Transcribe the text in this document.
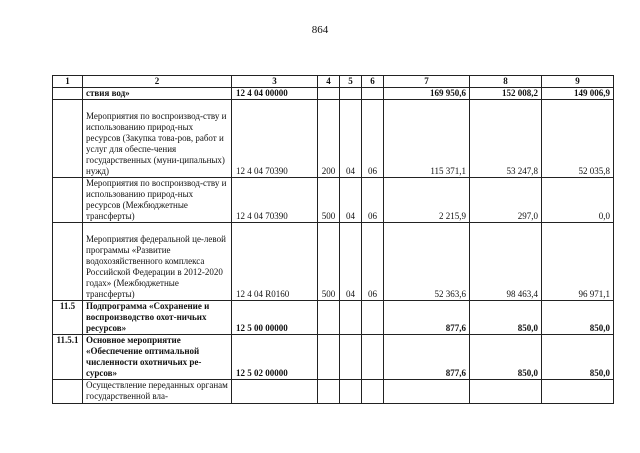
864
1	2	3	4	5	6	7	8	9
	ствия вод»	12 4 04 00000				169 950,6	152 008,2	149 006,9
	Мероприятия по воспроизвод-ству и использованию природ-ных ресурсов (Закупка това-ров, работ и услуг для обеспе-чения государственных (муни-ципальных) нужд)	12 4 04 70390	200	04	06	115 371,1	53 247,8	52 035,8
	Мероприятия по воспроизвод-ству и использованию природ-ных ресурсов (Межбюджетные трансферты)	12 4 04 70390	500	04	06	2 215,9	297,0	0,0
	Мероприятия федеральной це-левой программы «Развитие водохозяйственного комплекса Российской Федерации в 2012-2020 годах» (Межбюджетные трансферты)	12 4 04 R0160	500	04	06	52 363,6	98 463,4	96 971,1
11.5	Подпрограмма «Сохранение и воспроизводство охот-ничьих ресурсов»	12 5 00 00000				877,6	850,0	850,0
11.5.1	Основное мероприятие «Обеспечение оптимальной численности охотничьих ре-сурсов»	12 5 02 00000				877,6	850,0	850,0
	Осуществление переданных органам государственной вла-							
